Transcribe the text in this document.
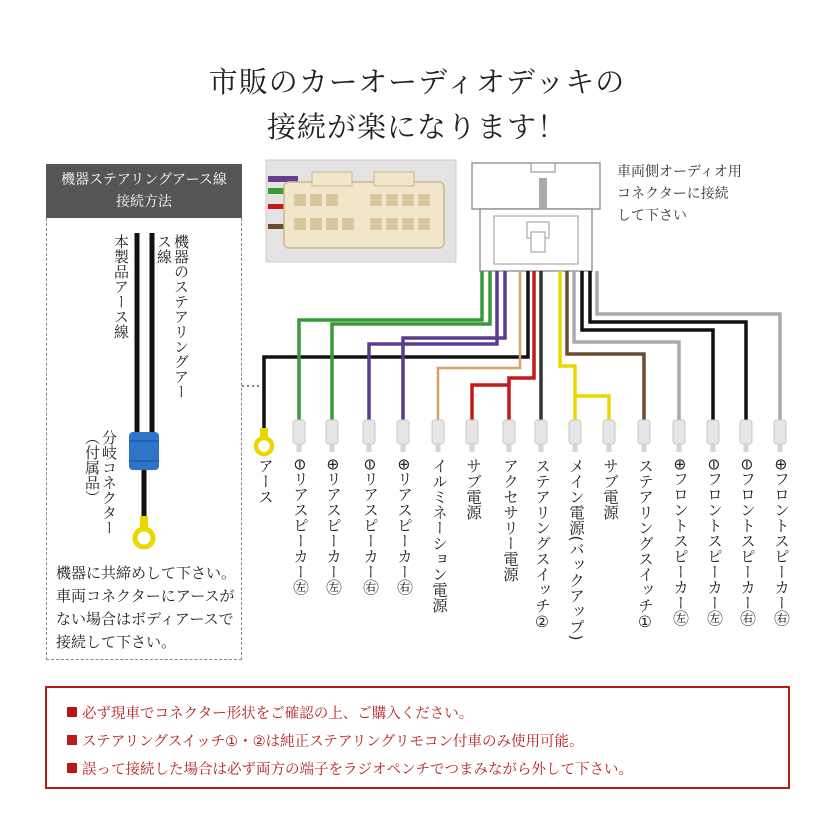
市販のカーオーディオデッキの
接続が楽になります！
機器ステアリングアース線
接続方法
本製品アース線	機器のステアリングアース線
分岐コネクター（付属品）
機器に共締めして下さい。車両コネクターにアースがない場合はボディアースで接続して下さい。
車両側オーディオ用
コネクターに接続
して下さい
アース ⊖リアスピーカー㊧ ⊕リアスピーカー㊧ ⊖リアスピーカー㊨ ⊕リアスピーカー㊨ イルミネーション電源 サブ電源 アクセサリー電源 ステアリングスイッチ② メイン電源(バックアップ) サブ電源 ステアリングスイッチ① ⊕フロントスピーカー㊧ ⊖フロントスピーカー㊧ ⊖フロントスピーカー㊨ ⊕フロントスピーカー㊨
必ず現車でコネクター形状をご確認の上、ご購入ください。
ステアリングスイッチ①・②は純正ステアリングリモコン付車のみ使用可能。
誤って接続した場合は必ず両方の端子をラジオペンチでつまみながら外して下さい。
